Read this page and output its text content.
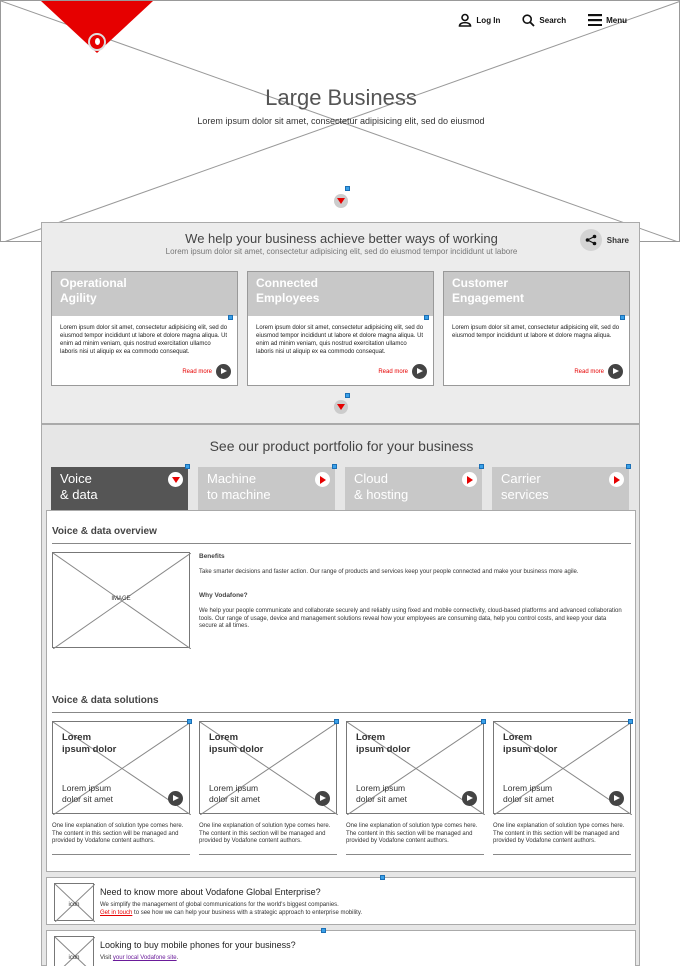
Log In	Search	Menu
Large Business
Lorem ipsum dolor sit amet, consectetur adipisicing elit, sed do eiusmod
We help your business achieve better ways of working
Lorem ipsum dolor sit amet, consectetur adipisicing elit, sed do eiusmod tempor incididunt ut labore
Share
Operational
Agility
Lorem ipsum dolor sit amet, consectetur adipisicing elit, sed do eiusmod tempor incididunt ut labore et dolore magna aliqua. Ut enim ad minim veniam, quis nostrud exercitation ullamco laboris nisi ut aliquip ex ea commodo consequat.
Read more
Connected
Employees
Lorem ipsum dolor sit amet, consectetur adipisicing elit, sed do eiusmod tempor incididunt ut labore et dolore magna aliqua. Ut enim ad minim veniam, quis nostrud exercitation ullamco laboris nisi ut aliquip ex ea commodo consequat.
Read more
Customer
Engagement
Lorem ipsum dolor sit amet, consectetur adipisicing elit, sed do eiusmod tempor incididunt ut labore et dolore magna aliqua.
Read more
See our product portfolio for your business
Voice
& data
Machine
to machine
Cloud
& hosting
Carrier
services
Voice & data overview
IMAGE
Benefits
Take smarter decisions and faster action. Our range of products and services keep your people connected and make your business more agile.
Why Vodafone?
We help your people communicate and collaborate securely and reliably using fixed and mobile connectivity, cloud-based platforms and advanced collaboration tools. Our range of usage, device and management solutions reveal how your employees are consuming data, help you control costs, and keep your data secure at all times.
Voice & data solutions
Lorem
ipsum dolor
Lorem ipsum
dolor sit amet
Lorem
ipsum dolor
Lorem ipsum
dolor sit amet
Lorem
ipsum dolor
Lorem ipsum
dolor sit amet
Lorem
ipsum dolor
Lorem ipsum
dolor sit amet
One line explanation of solution type comes here. The content in this section will be managed and provided by Vodafone content authors.
One line explanation of solution type comes here. The content in this section will be managed and provided by Vodafone content authors.
One line explanation of solution type comes here. The content in this section will be managed and provided by Vodafone content authors.
One line explanation of solution type comes here. The content in this section will be managed and provided by Vodafone content authors.
icon
Need to know more about Vodafone Global Enterprise?
We simplify the management of global communications for the world's biggest companies.
Get in touch to see how we can help your business with a strategic approach to enterprise mobility.
icon
Looking to buy mobile phones for your business?
Visit your local Vodafone site.
